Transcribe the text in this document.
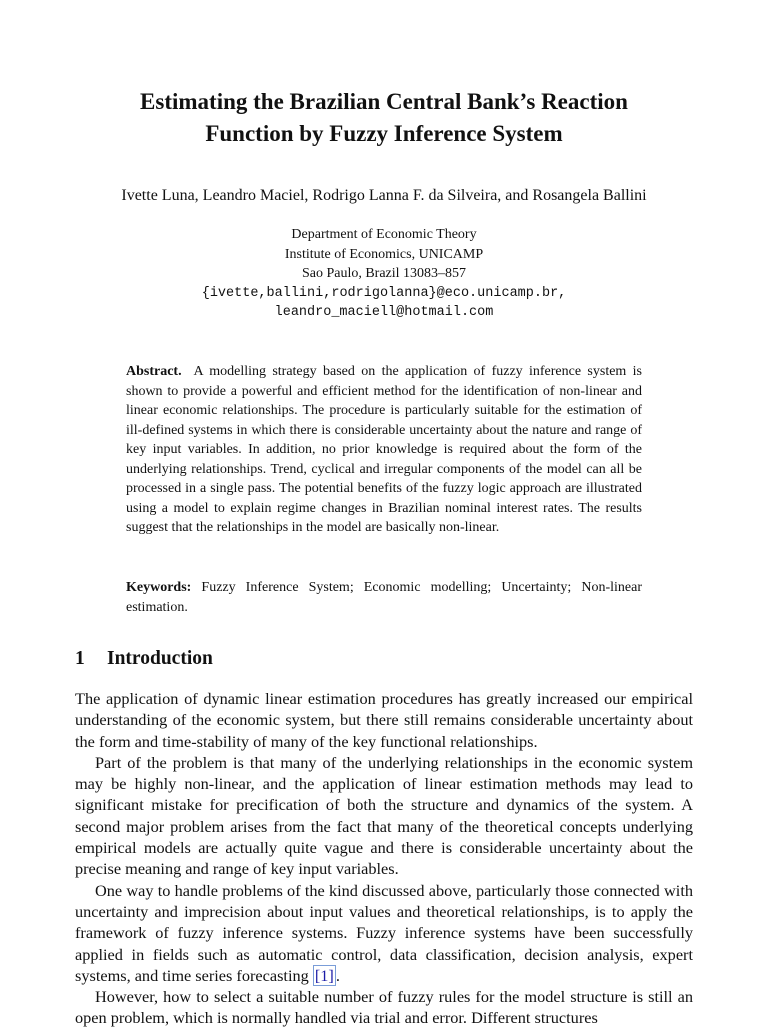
Estimating the Brazilian Central Bank’s Reaction
Function by Fuzzy Inference System
Ivette Luna, Leandro Maciel, Rodrigo Lanna F. da Silveira, and Rosangela Ballini
Department of Economic Theory
Institute of Economics, UNICAMP
Sao Paulo, Brazil 13083–857
{ivette,ballini,rodrigolanna}@eco.unicamp.br,
leandro_maciell@hotmail.com
Abstract. A modelling strategy based on the application of fuzzy inference system is shown to provide a powerful and efficient method for the identification of non-linear and linear economic relationships. The procedure is particularly suitable for the estimation of ill-defined systems in which there is considerable uncertainty about the nature and range of key input variables. In addition, no prior knowledge is required about the form of the underlying relationships. Trend, cyclical and irregular components of the model can all be processed in a single pass. The potential benefits of the fuzzy logic approach are illustrated using a model to explain regime changes in Brazilian nominal interest rates. The results suggest that the relationships in the model are basically non-linear.
Keywords: Fuzzy Inference System; Economic modelling; Uncertainty; Non-linear estimation.
1	Introduction

The application of dynamic linear estimation procedures has greatly increased our empirical understanding of the economic system, but there still remains considerable uncertainty about the form and time-stability of many of the key functional relationships.

Part of the problem is that many of the underlying relationships in the economic system may be highly non-linear, and the application of linear estimation methods may lead to significant mistake for precification of both the structure and dynamics of the system. A second major problem arises from the fact that many of the theoretical concepts underlying empirical models are actually quite vague and there is considerable uncertainty about the precise meaning and range of key input variables.

One way to handle problems of the kind discussed above, particularly those connected with uncertainty and imprecision about input values and theoretical relationships, is to apply the framework of fuzzy inference systems. Fuzzy inference systems have been successfully applied in fields such as automatic control, data classification, decision analysis, expert systems, and time series forecasting [1] .

However, how to select a suitable number of fuzzy rules for the model structure is still an open problem, which is normally handled via trial and error. Different structures
